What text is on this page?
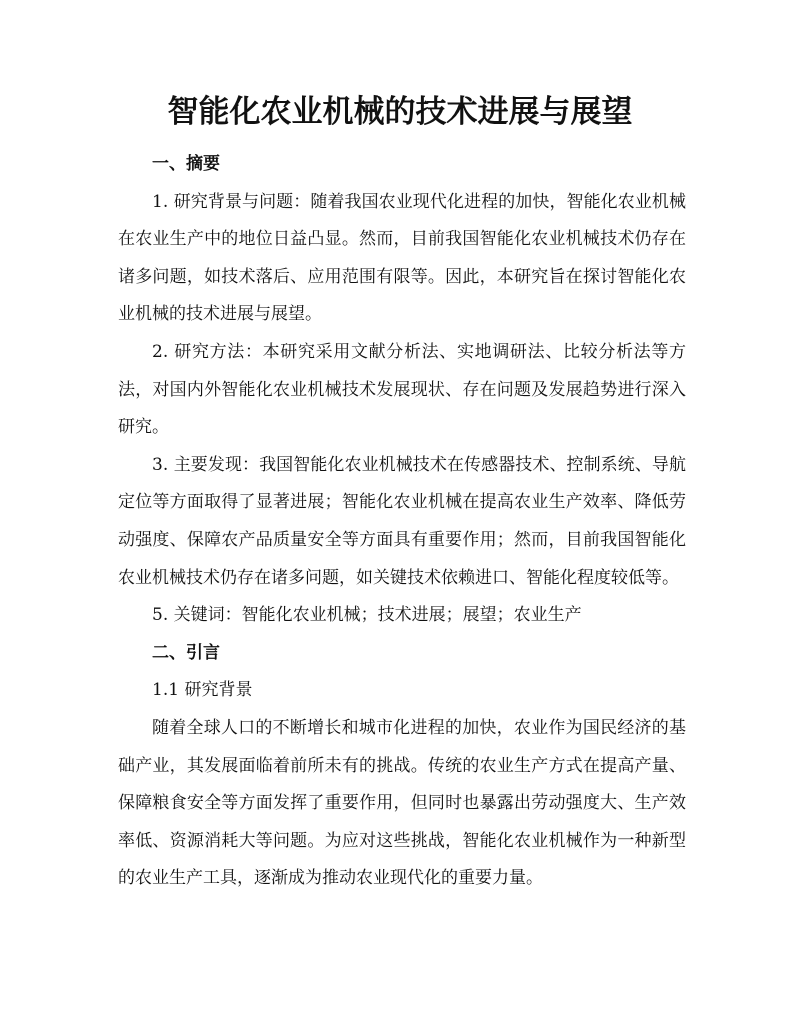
智能化农业机械的技术进展与展望

一、摘要

1. 研究背景与问题：随着我国农业现代化进程的加快，智能化农业机械在农业生产中的地位日益凸显。然而，目前我国智能化农业机械技术仍存在诸多问题，如技术落后、应用范围有限等。因此，本研究旨在探讨智能化农业机械的技术进展与展望。

2. 研究方法：本研究采用文献分析法、实地调研法、比较分析法等方法，对国内外智能化农业机械技术发展现状、存在问题及发展趋势进行深入研究。

3. 主要发现：我国智能化农业机械技术在传感器技术、控制系统、导航定位等方面取得了显著进展；智能化农业机械在提高农业生产效率、降低劳动强度、保障农产品质量安全等方面具有重要作用；然而，目前我国智能化农业机械技术仍存在诸多问题，如关键技术依赖进口、智能化程度较低等。

5. 关键词：智能化农业机械；技术进展；展望；农业生产

二、引言

1.1 研究背景

随着全球人口的不断增长和城市化进程的加快，农业作为国民经济的基础产业，其发展面临着前所未有的挑战。传统的农业生产方式在提高产量、保障粮食安全等方面发挥了重要作用，但同时也暴露出劳动强度大、生产效率低、资源消耗大等问题。为应对这些挑战，智能化农业机械作为一种新型的农业生产工具，逐渐成为推动农业现代化的重要力量。
